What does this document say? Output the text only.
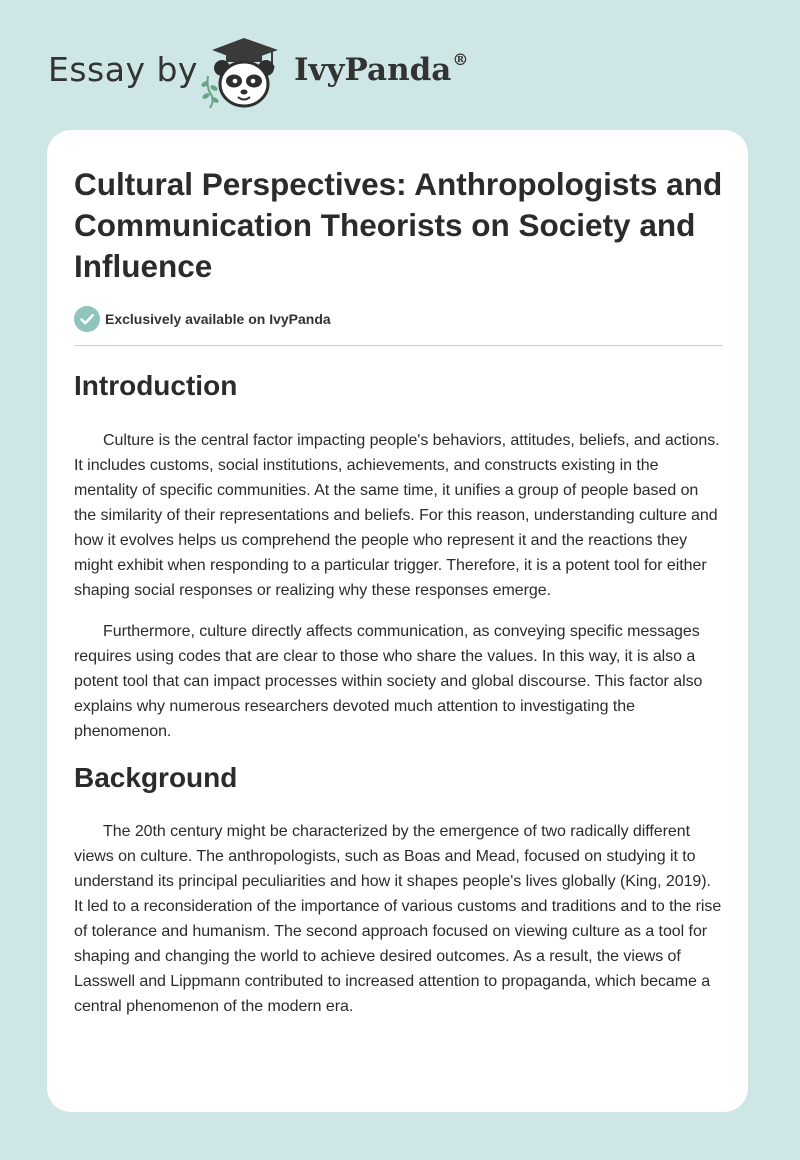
Essay by	IvyPanda®
Cultural Perspectives: Anthropologists and Communication Theorists on Society and Influence
Exclusively available on IvyPanda
Introduction

Culture is the central factor impacting people's behaviors, attitudes, beliefs, and actions. It includes customs, social institutions, achievements, and constructs existing in the mentality of specific communities. At the same time, it unifies a group of people based on the similarity of their representations and beliefs. For this reason, understanding culture and how it evolves helps us comprehend the people who represent it and the reactions they might exhibit when responding to a particular trigger. Therefore, it is a potent tool for either shaping social responses or realizing why these responses emerge.

Furthermore, culture directly affects communication, as conveying specific messages requires using codes that are clear to those who share the values. In this way, it is also a potent tool that can impact processes within society and global discourse. This factor also explains why numerous researchers devoted much attention to investigating the phenomenon.

Background

The 20th century might be characterized by the emergence of two radically different views on culture. The anthropologists, such as Boas and Mead, focused on studying it to understand its principal peculiarities and how it shapes people's lives globally (King, 2019). It led to a reconsideration of the importance of various customs and traditions and to the rise of tolerance and humanism. The second approach focused on viewing culture as a tool for shaping and changing the world to achieve desired outcomes. As a result, the views of Lasswell and Lippmann contributed to increased attention to propaganda, which became a central phenomenon of the modern era.
